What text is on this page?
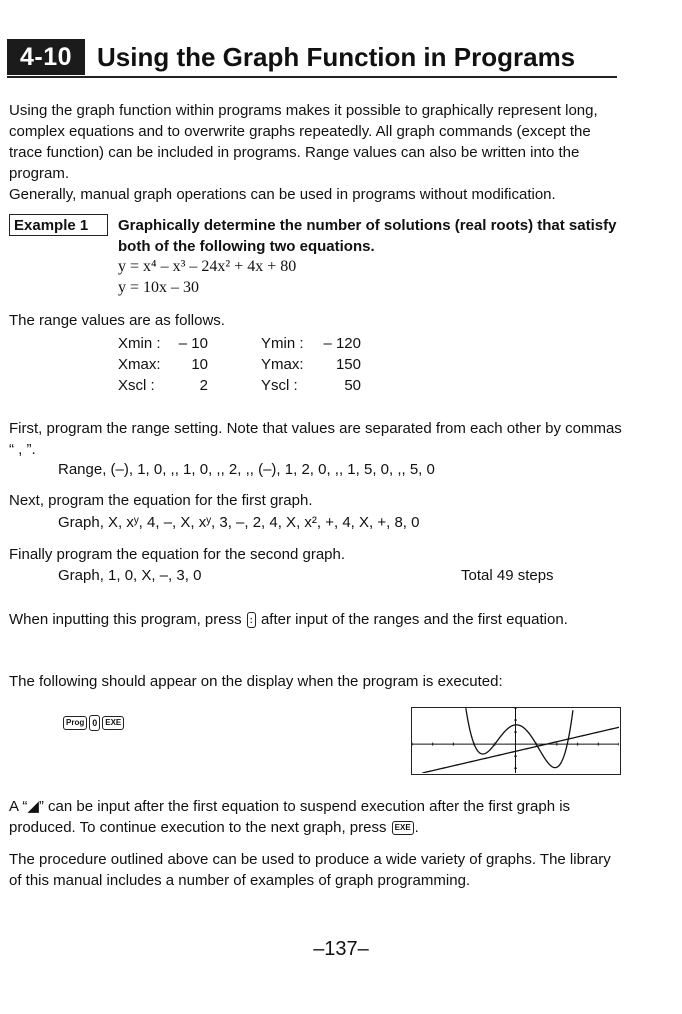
4-10 Using the Graph Function in Programs
Using the graph function within programs makes it possible to graphically represent long, complex equations and to overwrite graphs repeatedly. All graph commands (except the trace function) can be included in programs. Range values can also be written into the program.
Generally, manual graph operations can be used in programs without modification.
Example 1	Graphically determine the number of solutions (real roots) that satisfy both of the following two equations.
y = x⁴ – x³ – 24x² + 4x + 80
y = 10x – 30
The range values are as follows.
Xmin :	– 10	Ymin :	– 120
Xmax:	10	Ymax:	150
Xscl :	2	Yscl :	50
First, program the range setting. Note that values are separated from each other by commas “ , ”.
Range, (–), 1, 0, ,, 1, 0, ,, 2, ,, (–), 1, 2, 0, ,, 1, 5, 0, ,, 5, 0
Next, program the equation for the first graph.
Graph, X, xʸ, 4, –, X, xʸ, 3, –, 2, 4, X, x², +, 4, X, +, 8, 0
Finally program the equation for the second graph.
Graph, 1, 0, X, –, 3, 0	Total 49 steps
When inputting this program, press : after input of the ranges and the first equation.
The following should appear on the display when the program is executed:
Prog 0 EXE
A “◢” can be input after the first equation to suspend execution after the first graph is produced. To continue execution to the next graph, press EXE .
The procedure outlined above can be used to produce a wide variety of graphs. The library of this manual includes a number of examples of graph programming.
–137–
